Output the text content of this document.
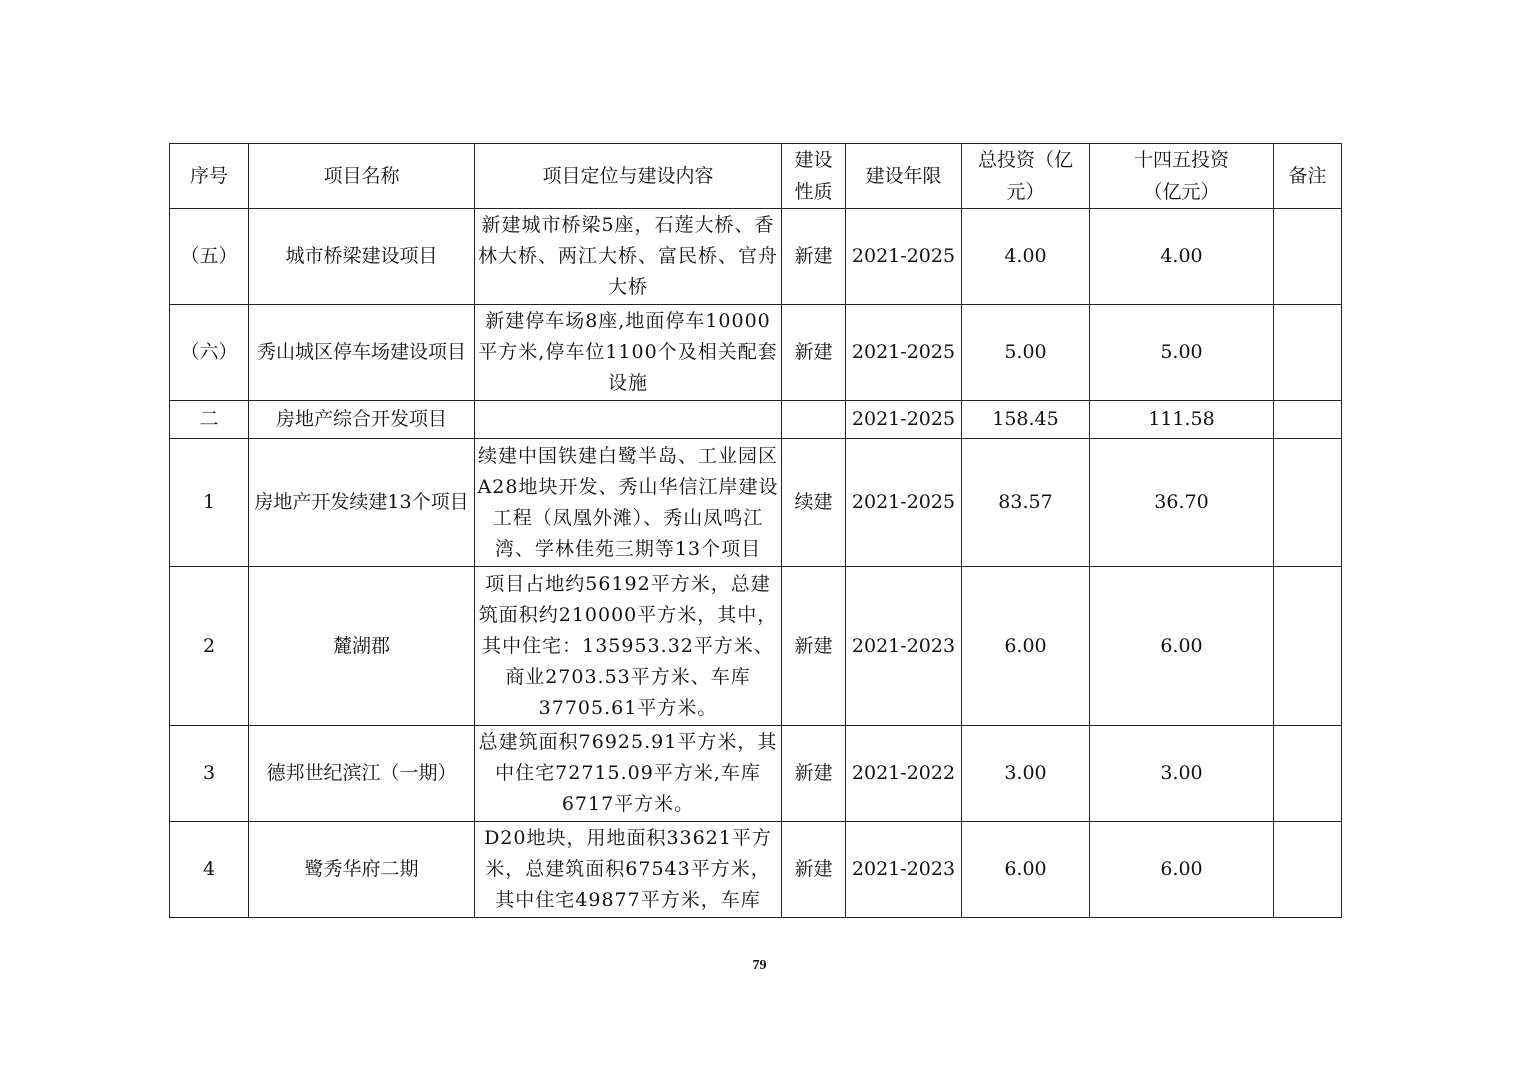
序号	项目名称	项目定位与建设内容	建设性质	建设年限	总投资（亿元）	十四五投资（亿元）	备注
（五）	城市桥梁建设项目	新建城市桥梁5座，石莲大桥、香林大桥、两江大桥、富民桥、官舟大桥	新建	2021-2025	4.00	4.00	
（六）	秀山城区停车场建设项目	新建停车场8座,地面停车10000平方米,停车位1100个及相关配套设施	新建	2021-2025	5.00	5.00	
二	房地产综合开发项目			2021-2025	158.45	111.58	
1	房地产开发续建13个项目	续建中国铁建白鹭半岛、工业园区A28地块开发、秀山华信江岸建设工程（凤凰外滩）、秀山凤鸣江湾、学林佳苑三期等13个项目	续建	2021-2025	83.57	36.70	
2	麓湖郡	项目占地约56192平方米，总建筑面积约210000平方米，其中，其中住宅：135953.32平方米、商业2703.53平方米、车库37705.61平方米。	新建	2021-2023	6.00	6.00	
3	德邦世纪滨江（一期）	总建筑面积76925.91平方米，其中住宅72715.09平方米,车库6717平方米。	新建	2021-2022	3.00	3.00	
4	鹭秀华府二期	D20地块，用地面积33621平方米，总建筑面积67543平方米，其中住宅49877平方米，车库	新建	2021-2023	6.00	6.00	
79
